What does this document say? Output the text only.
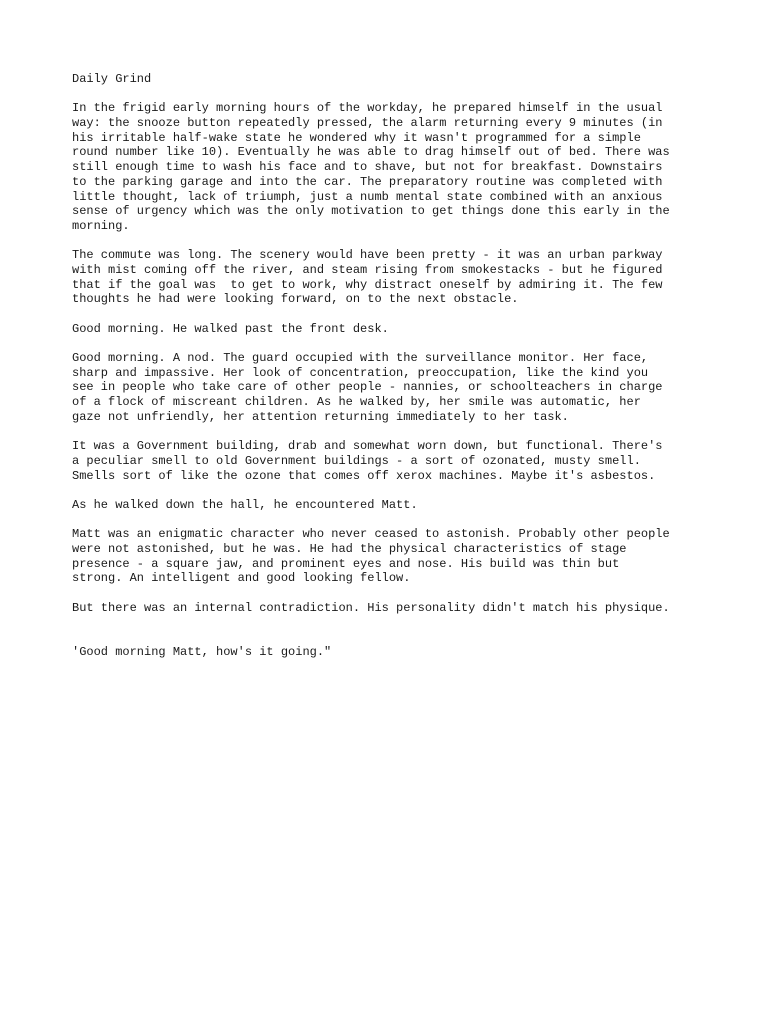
Daily Grind
In the frigid early morning hours of the workday, he prepared himself in the usual
way: the snooze button repeatedly pressed, the alarm returning every 9 minutes (in
his irritable half-wake state he wondered why it wasn't programmed for a simple
round number like 10). Eventually he was able to drag himself out of bed. There was
still enough time to wash his face and to shave, but not for breakfast. Downstairs
to the parking garage and into the car. The preparatory routine was completed with
little thought, lack of triumph, just a numb mental state combined with an anxious
sense of urgency which was the only motivation to get things done this early in the
morning.
The commute was long. The scenery would have been pretty - it was an urban parkway
with mist coming off the river, and steam rising from smokestacks - but he figured
that if the goal was  to get to work, why distract oneself by admiring it. The few
thoughts he had were looking forward, on to the next obstacle.
Good morning. He walked past the front desk.
Good morning. A nod. The guard occupied with the surveillance monitor. Her face,
sharp and impassive. Her look of concentration, preoccupation, like the kind you
see in people who take care of other people - nannies, or schoolteachers in charge
of a flock of miscreant children. As he walked by, her smile was automatic, her
gaze not unfriendly, her attention returning immediately to her task.
It was a Government building, drab and somewhat worn down, but functional. There's
a peculiar smell to old Government buildings - a sort of ozonated, musty smell.
Smells sort of like the ozone that comes off xerox machines. Maybe it's asbestos.
As he walked down the hall, he encountered Matt.
Matt was an enigmatic character who never ceased to astonish. Probably other people
were not astonished, but he was. He had the physical characteristics of stage
presence - a square jaw, and prominent eyes and nose. His build was thin but
strong. An intelligent and good looking fellow.
But there was an internal contradiction. His personality didn't match his physique.
'Good morning Matt, how's it going."
